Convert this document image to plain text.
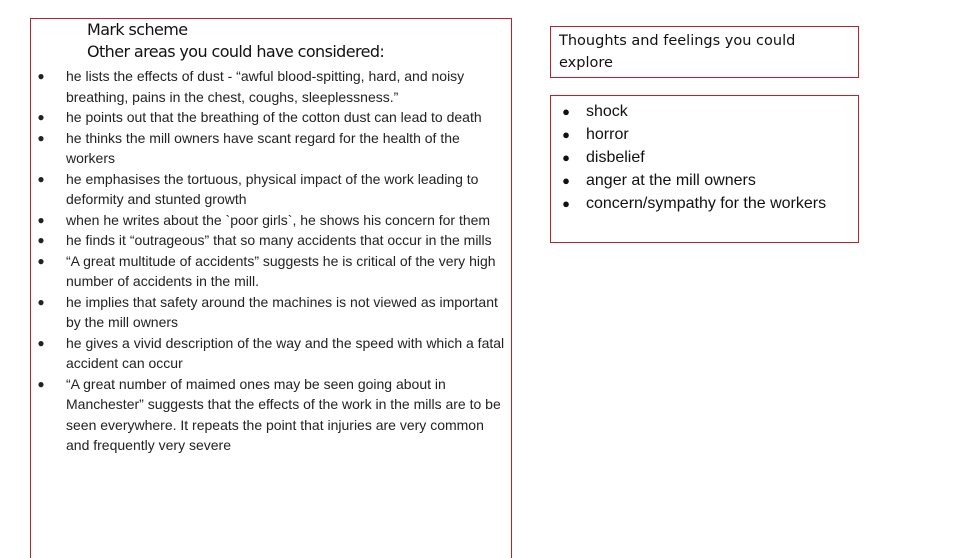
Mark scheme
Other areas you could have considered:
● he lists the effects of dust - “awful blood-spitting, hard, and noisy breathing, pains in the chest, coughs, sleeplessness.”
● he points out that the breathing of the cotton dust can lead to death
● he thinks the mill owners have scant regard for the health of the workers
● he emphasises the tortuous, physical impact of the work leading to deformity and stunted growth
● when he writes about the `poor girls`, he shows his concern for them
● he finds it “outrageous” that so many accidents that occur in the mills
● “A great multitude of accidents” suggests he is critical of the very high number of accidents in the mill.
● he implies that safety around the machines is not viewed as important by the mill owners
● he gives a vivid description of the way and the speed with which a fatal accident can occur
● “A great number of maimed ones may be seen going about in Manchester” suggests that the effects of the work in the mills are to be seen everywhere. It repeats the point that injuries are very common and frequently very severe
Thoughts and feelings you could explore
● shock
● horror
● disbelief
● anger at the mill owners
● concern/sympathy for the workers
